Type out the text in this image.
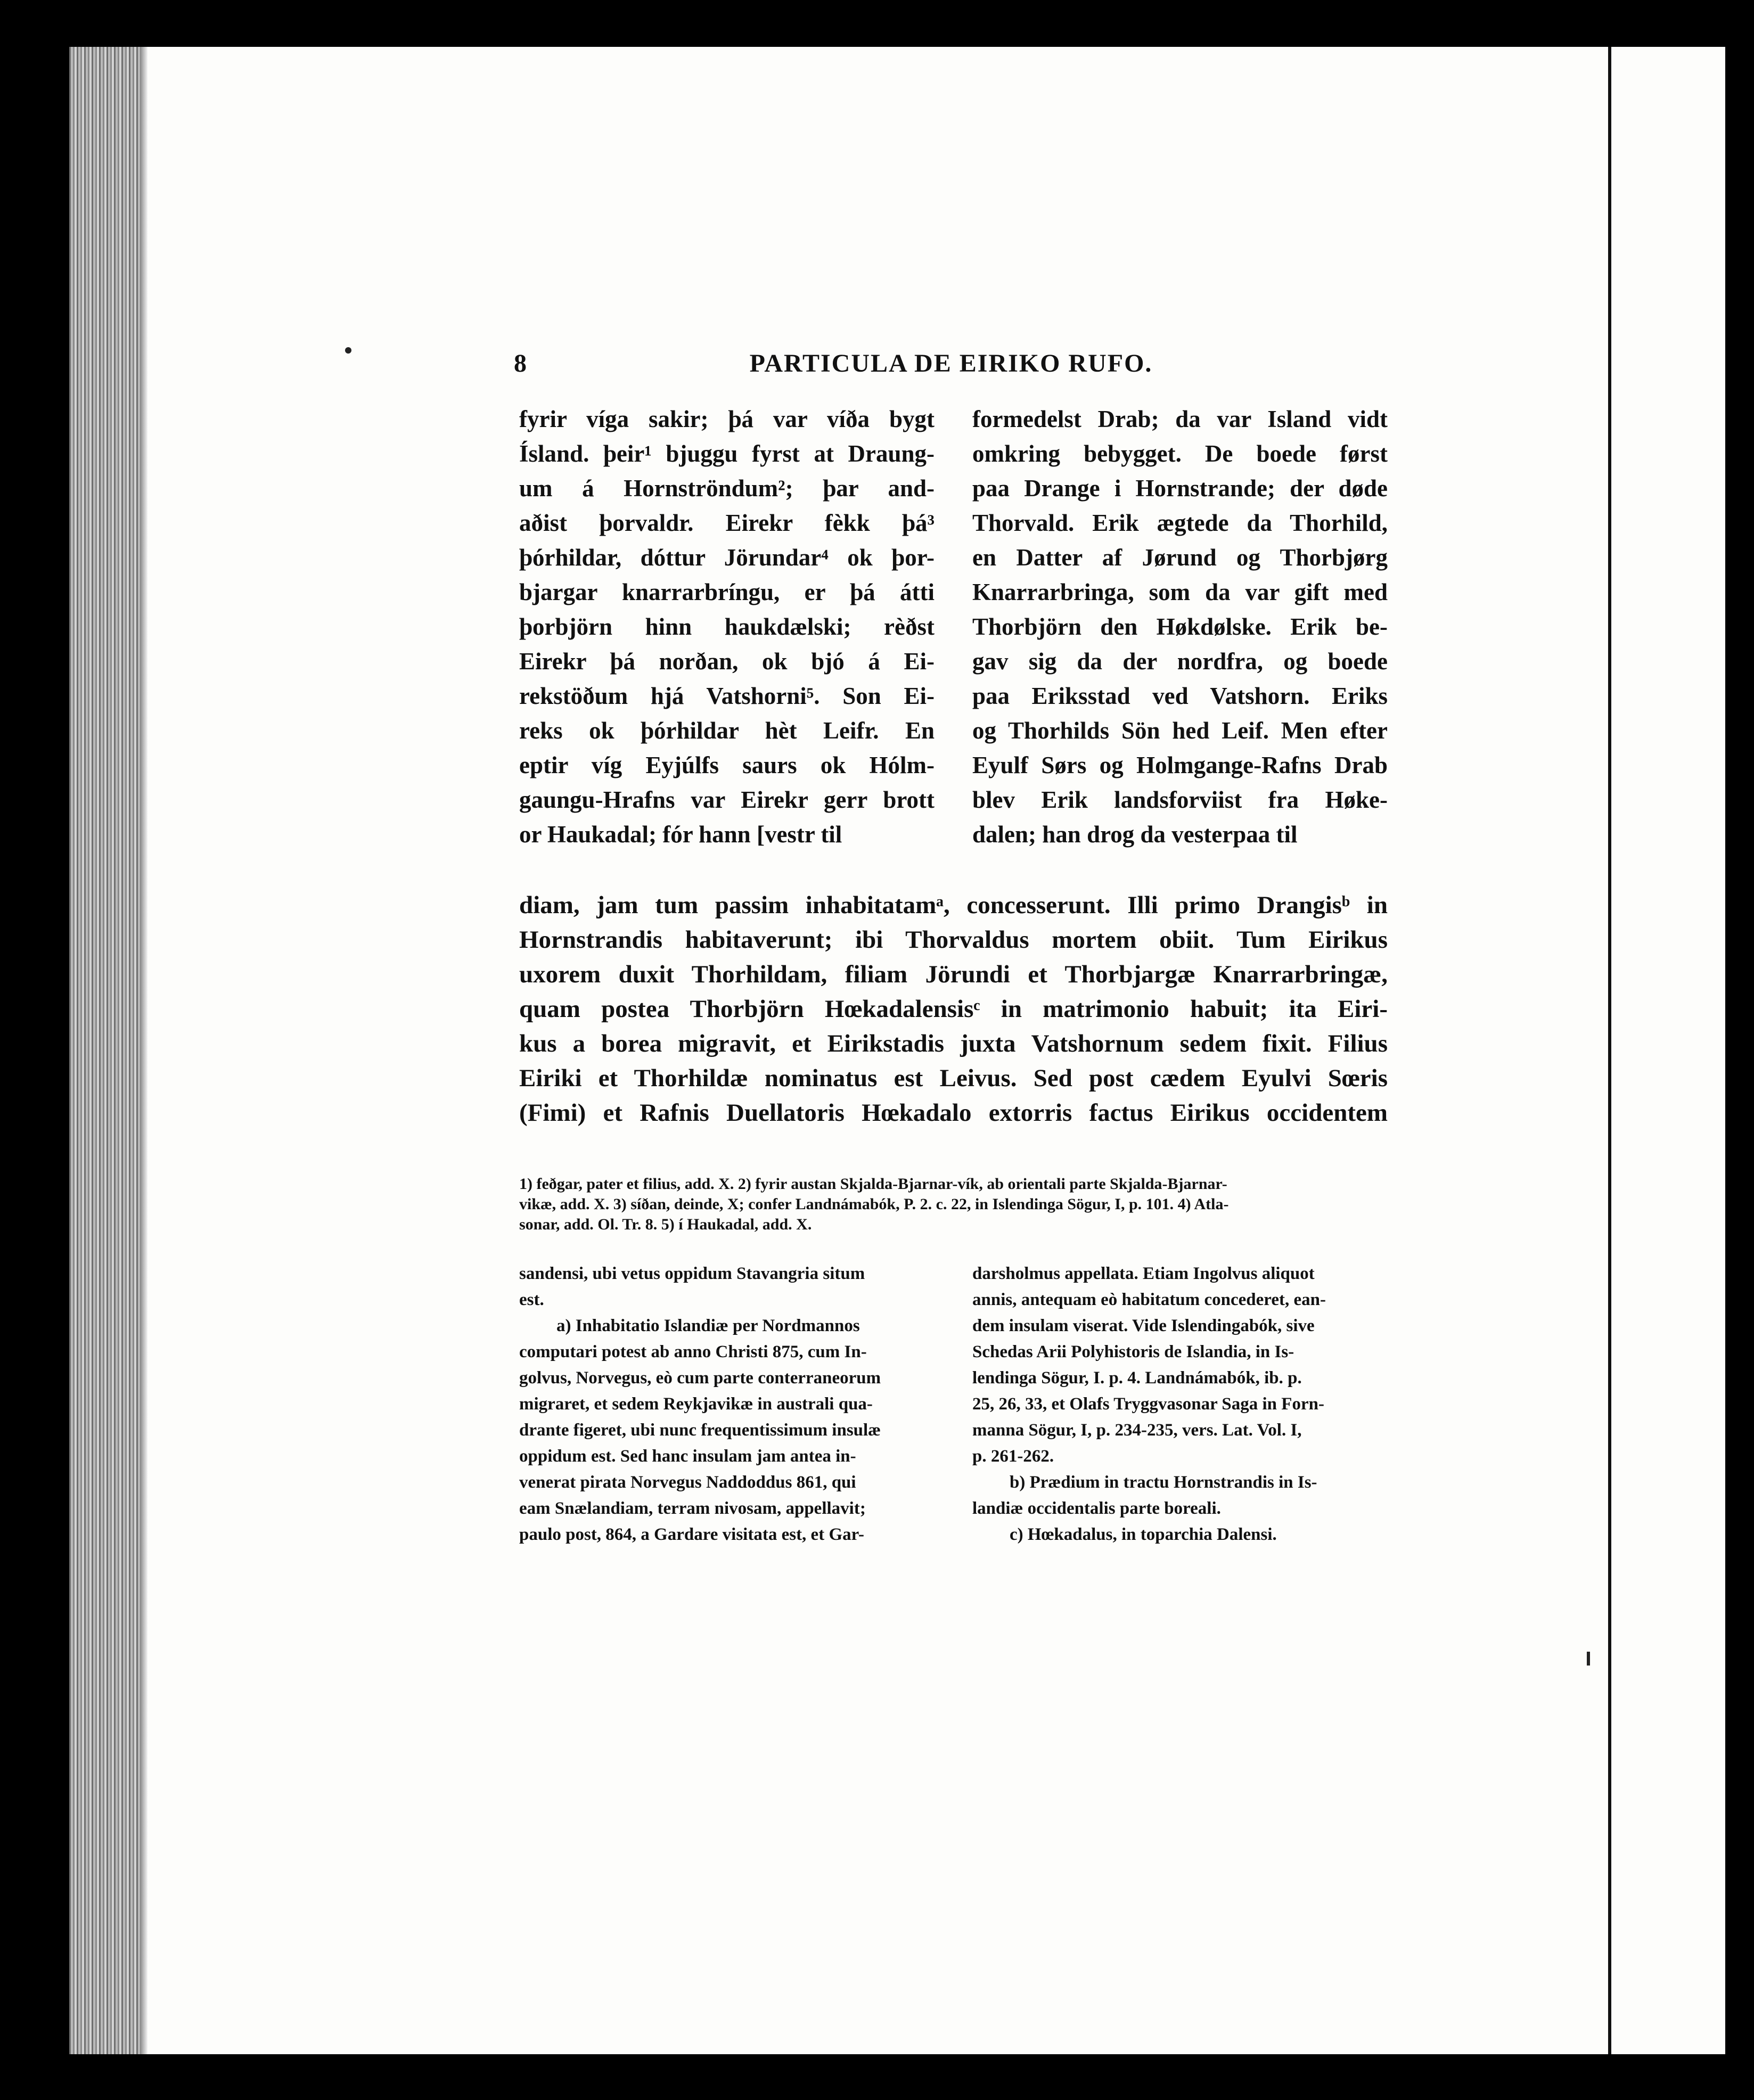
8	PARTICULA DE EIRIKO RUFO.
fyrir víga sakir; þá var víða bygt
Ísland. þeir¹ bjuggu fyrst at Draung-
um á Hornströndum²; þar and-
aðist þorvaldr. Eirekr fèkk þá³
þórhildar, dóttur Jörundar⁴ ok þor-
bjargar knarrarbríngu, er þá átti
þorbjörn hinn haukdælski; rèðst
Eirekr þá norðan, ok bjó á Ei-
rekstöðum hjá Vatshorni⁵. Son Ei-
reks ok þórhildar hèt Leifr. En
eptir víg Eyjúlfs saurs ok Hólm-
gaungu-Hrafns var Eirekr gerr brott
or Haukadal; fór hann [vestr til
formedelst Drab; da var Island vidt
omkring bebygget. De boede først
paa Drange i Hornstrande; der døde
Thorvald. Erik ægtede da Thorhild,
en Datter af Jørund og Thorbjørg
Knarrarbringa, som da var gift med
Thorbjörn den Høkdølske. Erik be-
gav sig da der nordfra, og boede
paa Eriksstad ved Vatshorn. Eriks
og Thorhilds Sön hed Leif. Men efter
Eyulf Sørs og Holmgange-Rafns Drab
blev Erik landsforviist fra Høke-
dalen; han drog da vesterpaa til
diam, jam tum passim inhabitatamᵃ, concesserunt. Illi primo Drangisᵇ in
Hornstrandis habitaverunt; ibi Thorvaldus mortem obiit. Tum Eirikus
uxorem duxit Thorhildam, filiam Jörundi et Thorbjargæ Knarrarbringæ,
quam postea Thorbjörn Hœkadalensisᶜ in matrimonio habuit; ita Eiri-
kus a borea migravit, et Eirikstadis juxta Vatshornum sedem fixit. Filius
Eiriki et Thorhildæ nominatus est Leivus. Sed post cædem Eyulvi Sœris
(Fimi) et Rafnis Duellatoris Hœkadalo extorris factus Eirikus occidentem
1) feðgar, pater et filius, add. X. 2) fyrir austan Skjalda-Bjarnar-vík, ab orientali parte Skjalda-Bjarnar-
vikæ, add. X. 3) síðan, deinde, X; confer Landnámabók, P. 2. c. 22, in Islendinga Sögur, I, p. 101. 4) Atla-
sonar, add. Ol. Tr. 8. 5) í Haukadal, add. X.
sandensi, ubi vetus oppidum Stavangria situm
est.
a) Inhabitatio Islandiæ per Nordmannos
computari potest ab anno Christi 875, cum In-
golvus, Norvegus, eò cum parte conterraneorum
migraret, et sedem Reykjavikæ in australi qua-
drante figeret, ubi nunc frequentissimum insulæ
oppidum est. Sed hanc insulam jam antea in-
venerat pirata Norvegus Naddoddus 861, qui
eam Snælandiam, terram nivosam, appellavit;
paulo post, 864, a Gardare visitata est, et Gar-
darsholmus appellata. Etiam Ingolvus aliquot
annis, antequam eò habitatum concederet, ean-
dem insulam viserat. Vide Islendingabók, sive
Schedas Arii Polyhistoris de Islandia, in Is-
lendinga Sögur, I. p. 4. Landnámabók, ib. p.
25, 26, 33, et Olafs Tryggvasonar Saga in Forn-
manna Sögur, I, p. 234-235, vers. Lat. Vol. I,
p. 261-262.
b) Prædium in tractu Hornstrandis in Is-
landiæ occidentalis parte boreali.
c) Hœkadalus, in toparchia Dalensi.
